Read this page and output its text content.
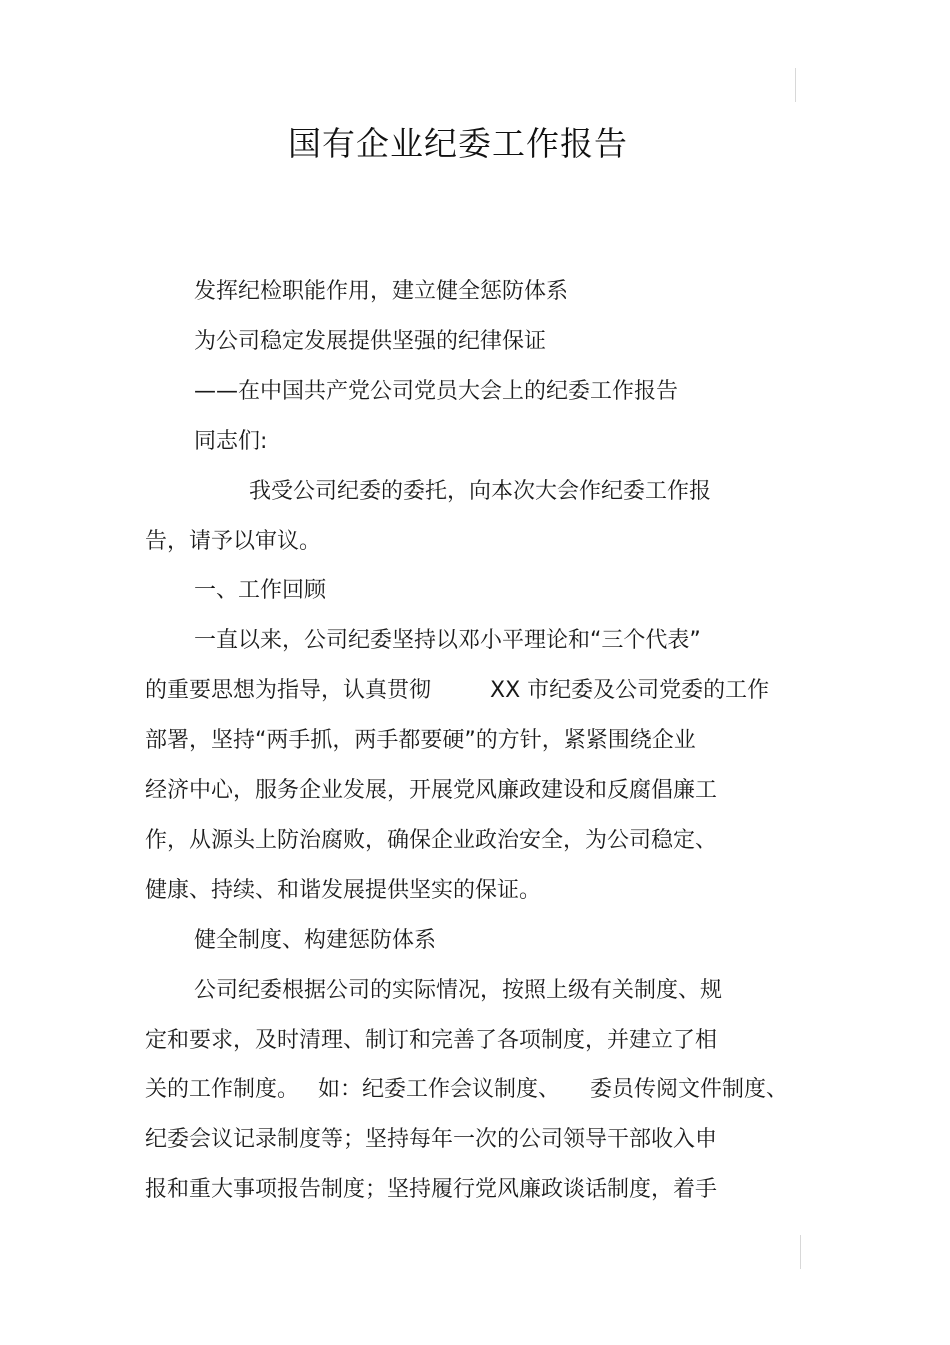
国有企业纪委工作报告
发挥纪检职能作用，建立健全惩防体系
为公司稳定发展提供坚强的纪律保证
——在中国共产党公司党员大会上的纪委工作报告
同志们:
我受公司纪委的委托，向本次大会作纪委工作报
告，请予以审议。
一、工作回顾
一直以来，公司纪委坚持以邓小平理论和“三个代表”
的重要思想为指导，认真贯彻	XX 市纪委及公司党委的工作
部署，坚持“两手抓，两手都要硬”的方针，紧紧围绕企业
经济中心，服务企业发展，开展党风廉政建设和反腐倡廉工
作，从源头上防治腐败，确保企业政治安全，为公司稳定、
健康、持续、和谐发展提供坚实的保证。
健全制度、构建惩防体系
公司纪委根据公司的实际情况，按照上级有关制度、规
定和要求，及时清理、制订和完善了各项制度，并建立了相
关的工作制度。 如：纪委工作会议制度、 委员传阅文件制度、
纪委会议记录制度等；坚持每年一次的公司领导干部收入申
报和重大事项报告制度；坚持履行党风廉政谈话制度，着手
